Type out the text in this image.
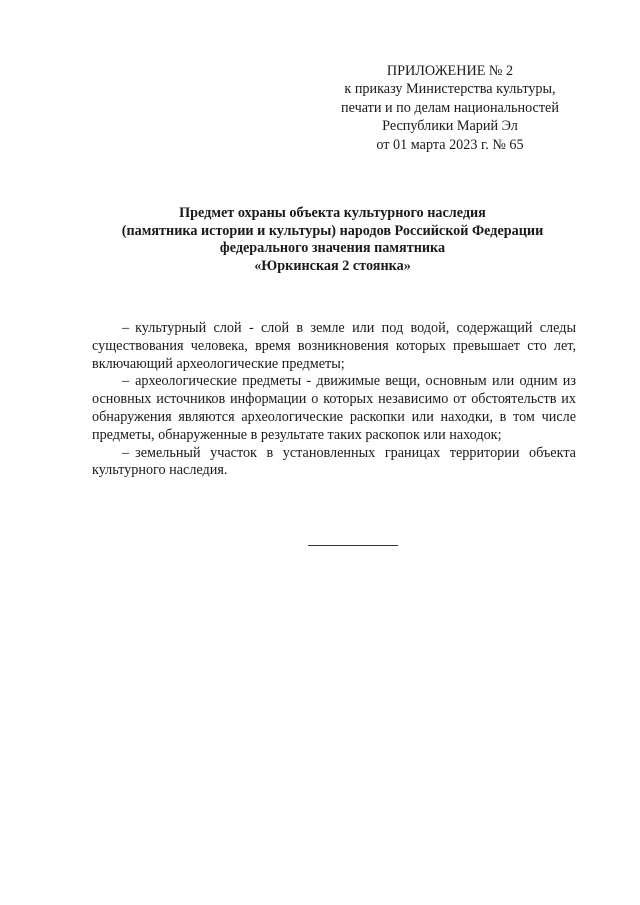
ПРИЛОЖЕНИЕ № 2
к приказу Министерства культуры,
печати и по делам национальностей
Республики Марий Эл
от 01 марта 2023 г. № 65
Предмет охраны объекта культурного наследия
(памятника истории и культуры) народов Российской Федерации
федерального значения памятника
«Юркинская 2 стоянка»

– культурный слой - слой в земле или под водой, содержащий следы существования человека, время возникновения которых превышает сто лет, включающий археологические предметы;

– археологические предметы - движимые вещи, основным или одним из основных источников информации о которых независимо от обстоятельств их обнаружения являются археологические раскопки или находки, в том числе предметы, обнаруженные в результате таких раскопок или находок;

– земельный участок в установленных границах территории объекта культурного наследия.
